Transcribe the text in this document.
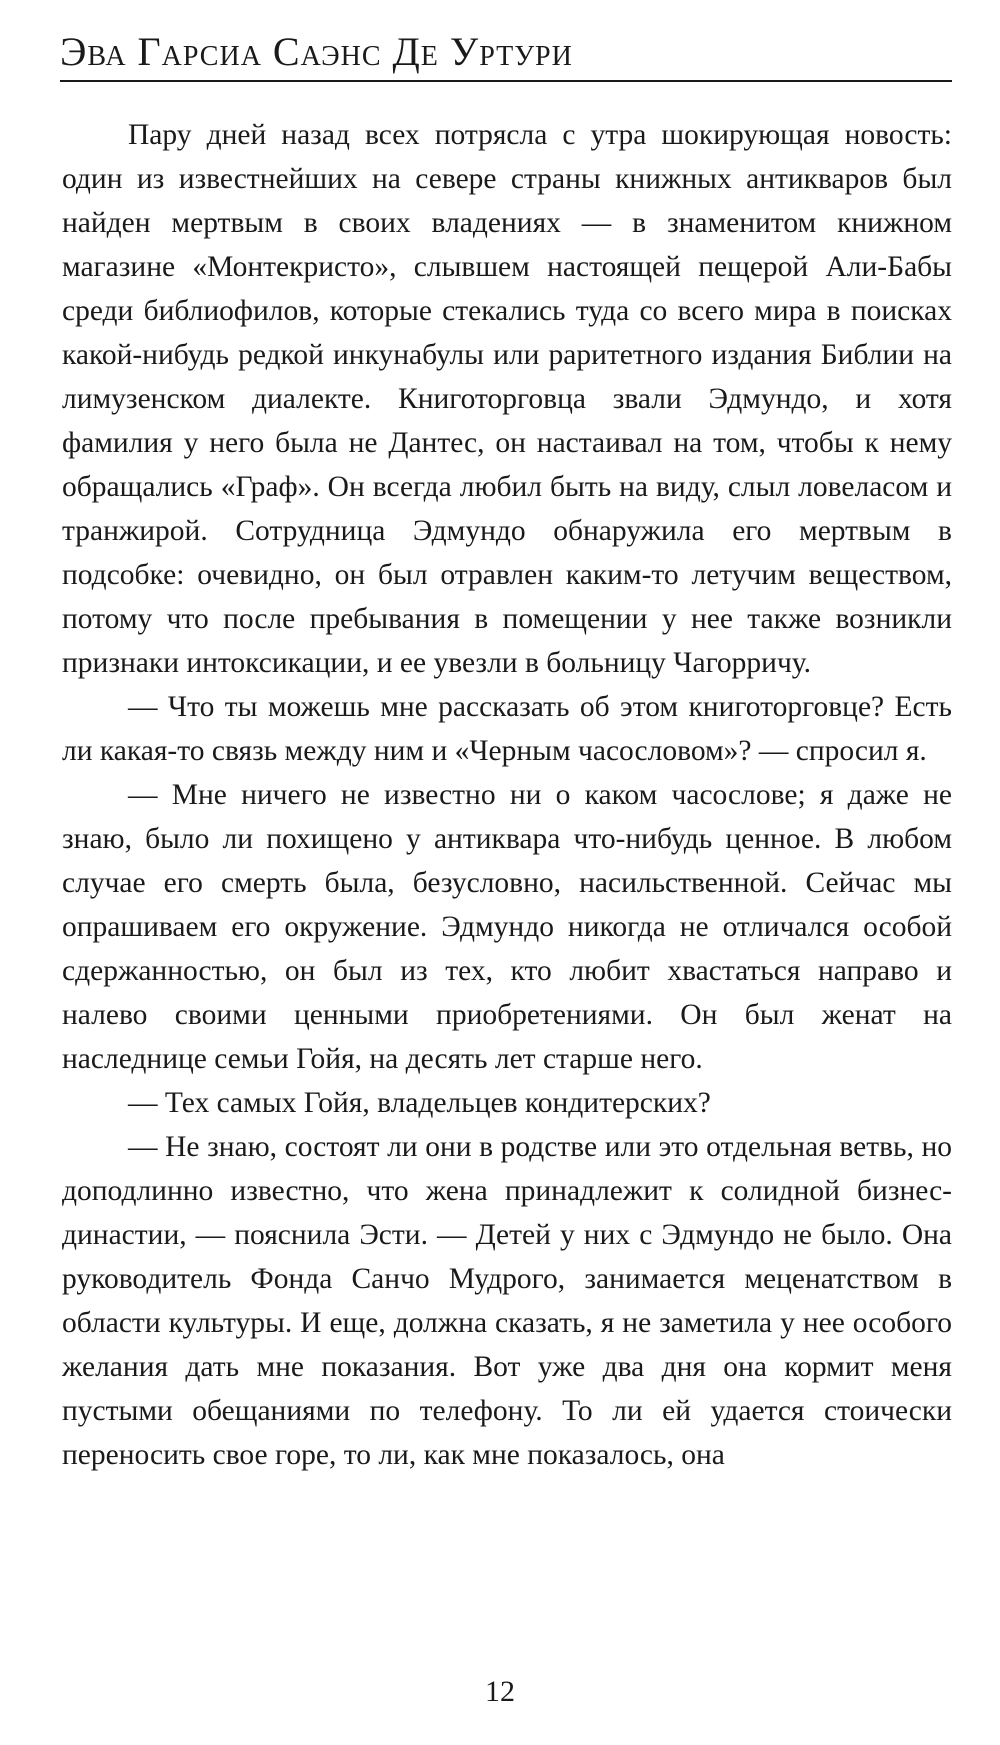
Эва Гарсиа Саэнс Де Уртури

Пару дней назад всех потрясла с утра шокирующая новость: один из известнейших на севере страны книжных антикваров был найден мертвым в своих владениях — в знаменитом книжном магазине «Монтекристо», слывшем настоящей пещерой Али-Бабы среди библиофилов, которые стекались туда со всего мира в поисках какой-нибудь редкой инкунабулы или раритетного издания Библии на лимузенском диалекте. Книготорговца звали Эдмундо, и хотя фамилия у него была не Дантес, он настаивал на том, чтобы к нему обращались «Граф». Он всегда любил быть на виду, слыл ловеласом и транжирой. Сотрудница Эдмундо обнаружила его мертвым в подсобке: очевидно, он был отравлен каким-то летучим веществом, потому что после пребывания в помещении у нее также возникли признаки интоксикации, и ее увезли в больницу Чагорричу.

— Что ты можешь мне рассказать об этом книготорговце? Есть ли какая-то связь между ним и «Черным часословом»? — спросил я.

— Мне ничего не известно ни о каком часослове; я даже не знаю, было ли похищено у антиквара что-нибудь ценное. В любом случае его смерть была, безусловно, насильственной. Сейчас мы опрашиваем его окружение. Эдмундо никогда не отличался особой сдержанностью, он был из тех, кто любит хвастаться направо и налево своими ценными приобретениями. Он был женат на наследнице семьи Гойя, на десять лет старше него.

— Тех самых Гойя, владельцев кондитерских?

— Не знаю, состоят ли они в родстве или это отдельная ветвь, но доподлинно известно, что жена принадлежит к солидной бизнес-династии, — пояснила Эсти. — Детей у них с Эдмундо не было. Она руководитель Фонда Санчо Мудрого, занимается меценатством в области культуры. И еще, должна сказать, я не заметила у нее особого желания дать мне показания. Вот уже два дня она кормит меня пустыми обещаниями по телефону. То ли ей удается стоически переносить свое горе, то ли, как мне показалось, она

12
